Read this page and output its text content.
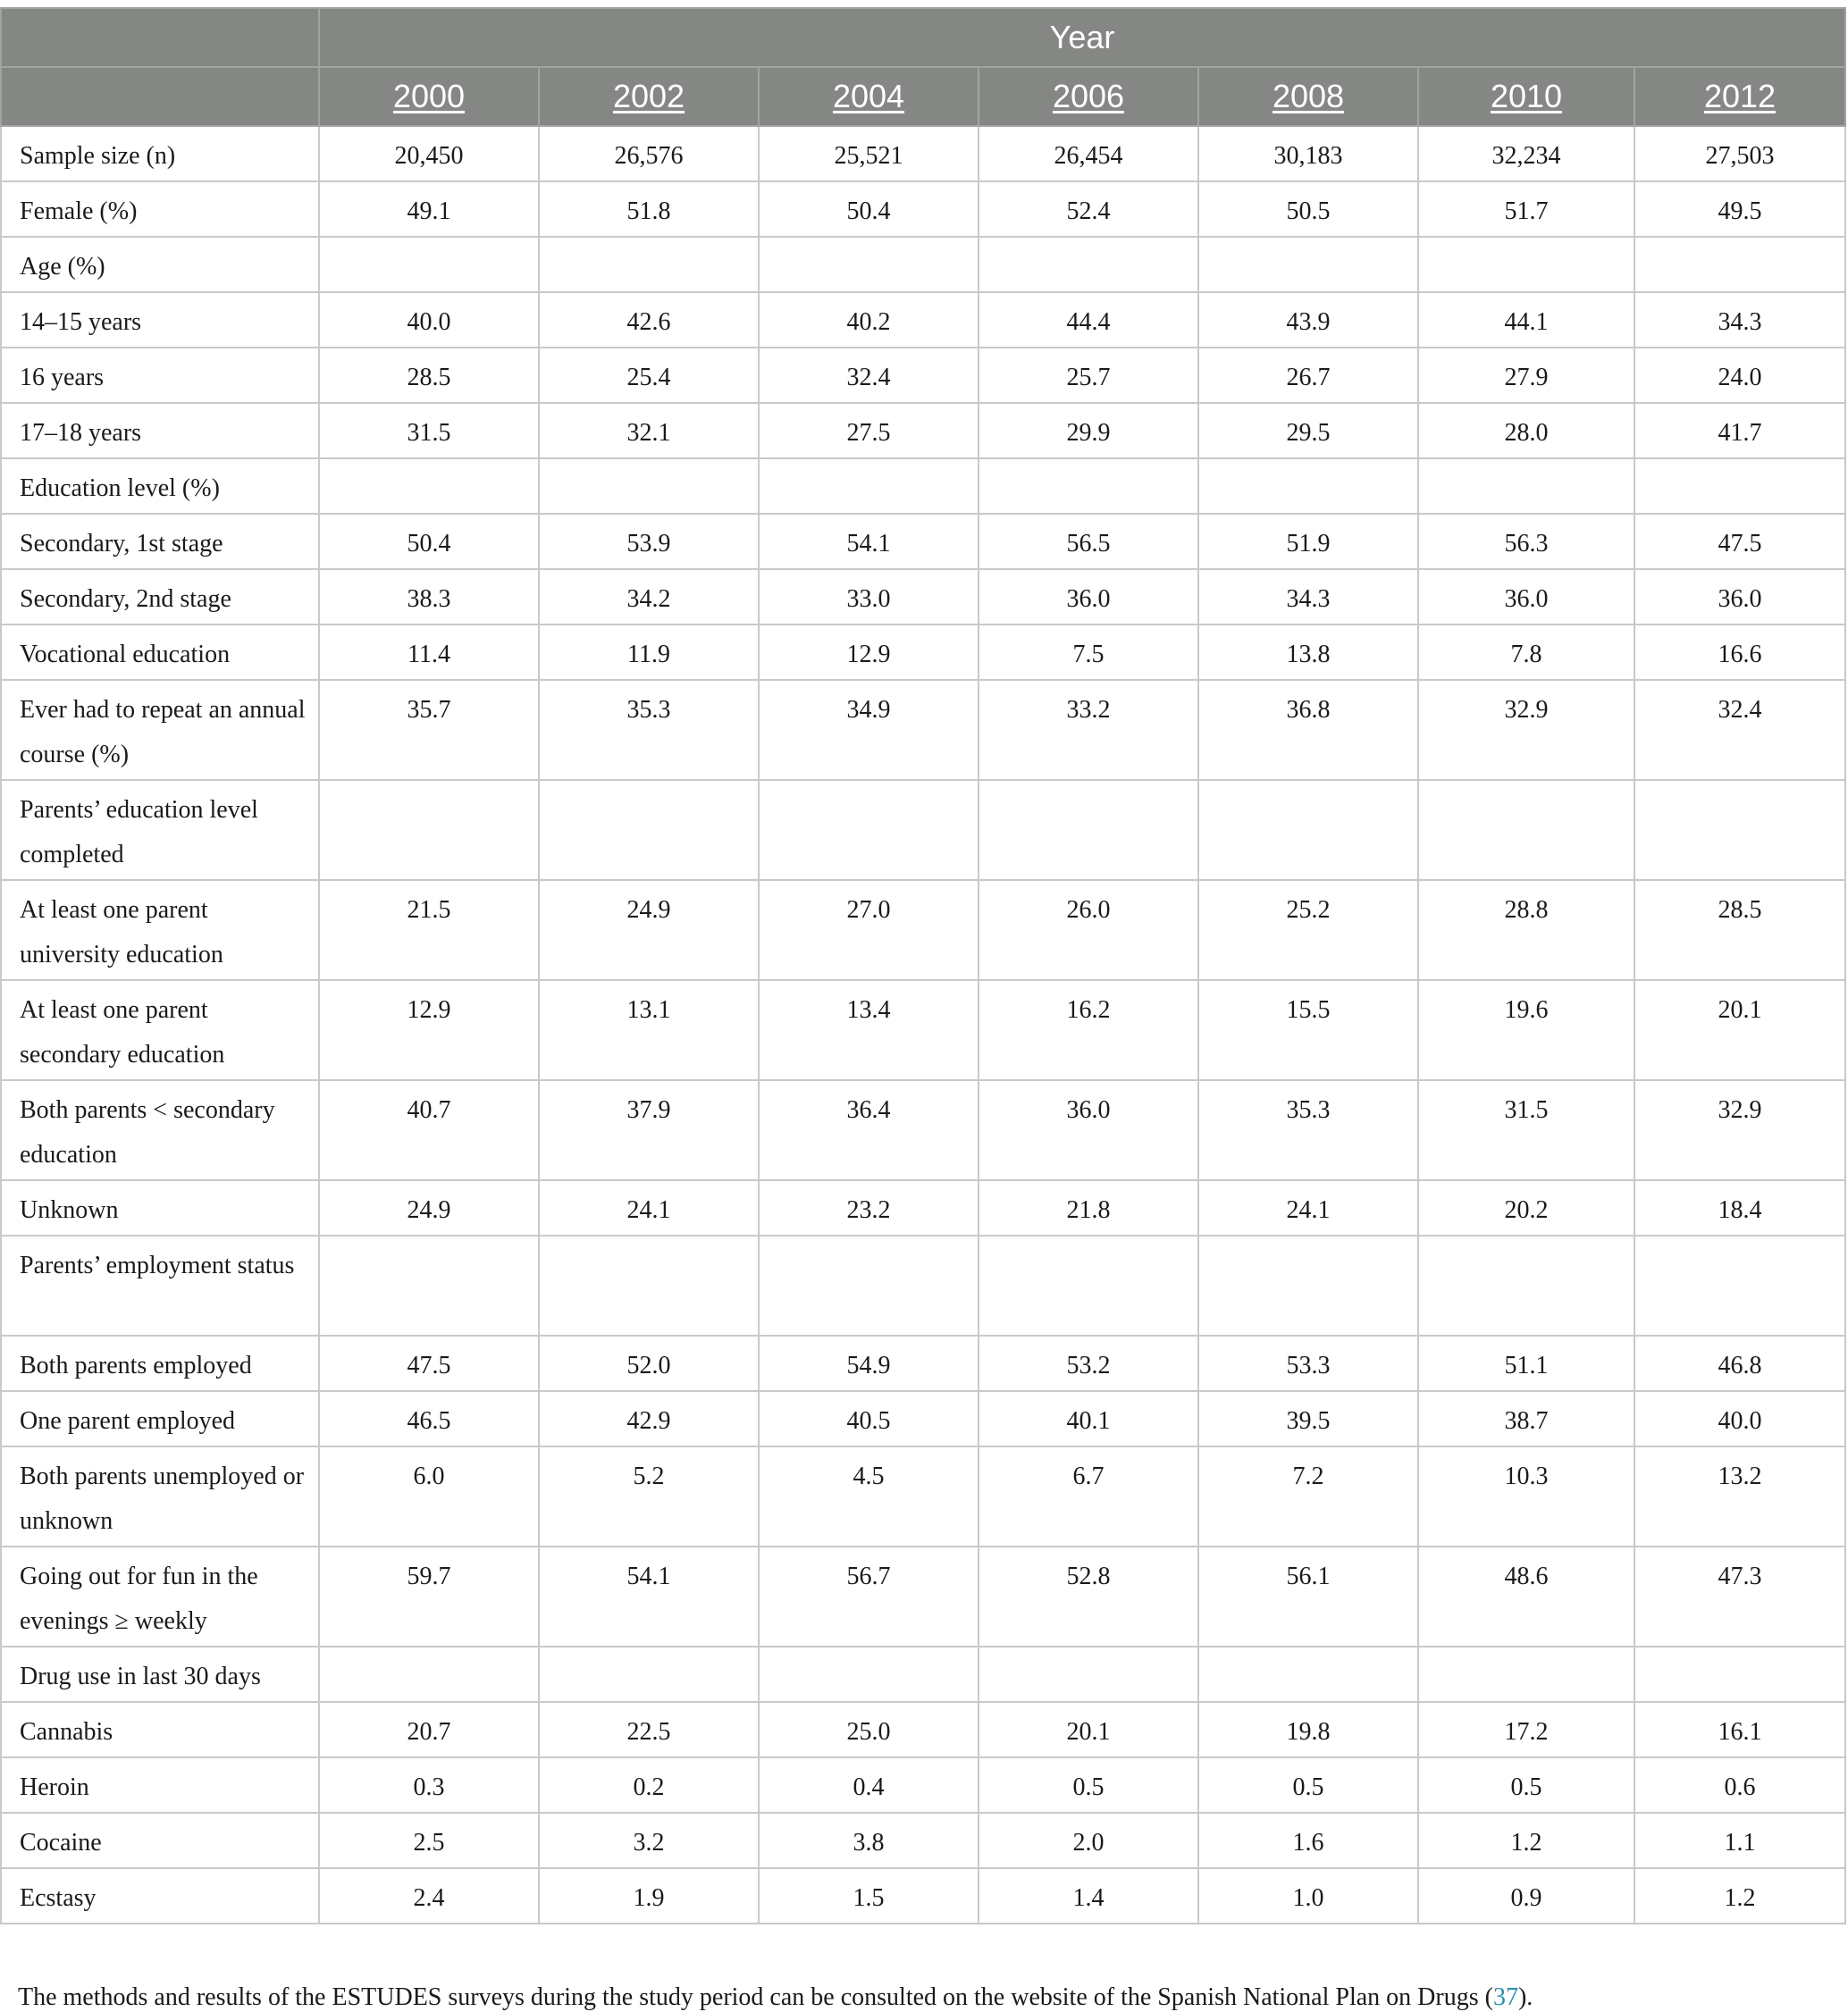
	Year						
	2000	2002	2004	2006	2008	2010	2012
Sample size (n)	20,450	26,576	25,521	26,454	30,183	32,234	27,503
Female (%)	49.1	51.8	50.4	52.4	50.5	51.7	49.5
Age (%)							
14–15 years	40.0	42.6	40.2	44.4	43.9	44.1	34.3
16 years	28.5	25.4	32.4	25.7	26.7	27.9	24.0
17–18 years	31.5	32.1	27.5	29.9	29.5	28.0	41.7
Education level (%)							
Secondary, 1st stage	50.4	53.9	54.1	56.5	51.9	56.3	47.5
Secondary, 2nd stage	38.3	34.2	33.0	36.0	34.3	36.0	36.0
Vocational education	11.4	11.9	12.9	7.5	13.8	7.8	16.6
Ever had to repeat an annual course (%)	35.7	35.3	34.9	33.2	36.8	32.9	32.4
Parents’ education level completed							
At least one parent university education	21.5	24.9	27.0	26.0	25.2	28.8	28.5
At least one parent secondary education	12.9	13.1	13.4	16.2	15.5	19.6	20.1
Both parents < secondary education	40.7	37.9	36.4	36.0	35.3	31.5	32.9
Unknown	24.9	24.1	23.2	21.8	24.1	20.2	18.4
Parents’ employment status							
Both parents employed	47.5	52.0	54.9	53.2	53.3	51.1	46.8
One parent employed	46.5	42.9	40.5	40.1	39.5	38.7	40.0
Both parents unemployed or unknown	6.0	5.2	4.5	6.7	7.2	10.3	13.2
Going out for fun in the evenings ≥ weekly	59.7	54.1	56.7	52.8	56.1	48.6	47.3
Drug use in last 30 days							
Cannabis	20.7	22.5	25.0	20.1	19.8	17.2	16.1
Heroin	0.3	0.2	0.4	0.5	0.5	0.5	0.6
Cocaine	2.5	3.2	3.8	2.0	1.6	1.2	1.1
Ecstasy	2.4	1.9	1.5	1.4	1.0	0.9	1.2

The methods and results of the ESTUDES surveys during the study period can be consulted on the website of the Spanish National Plan on Drugs (37).
